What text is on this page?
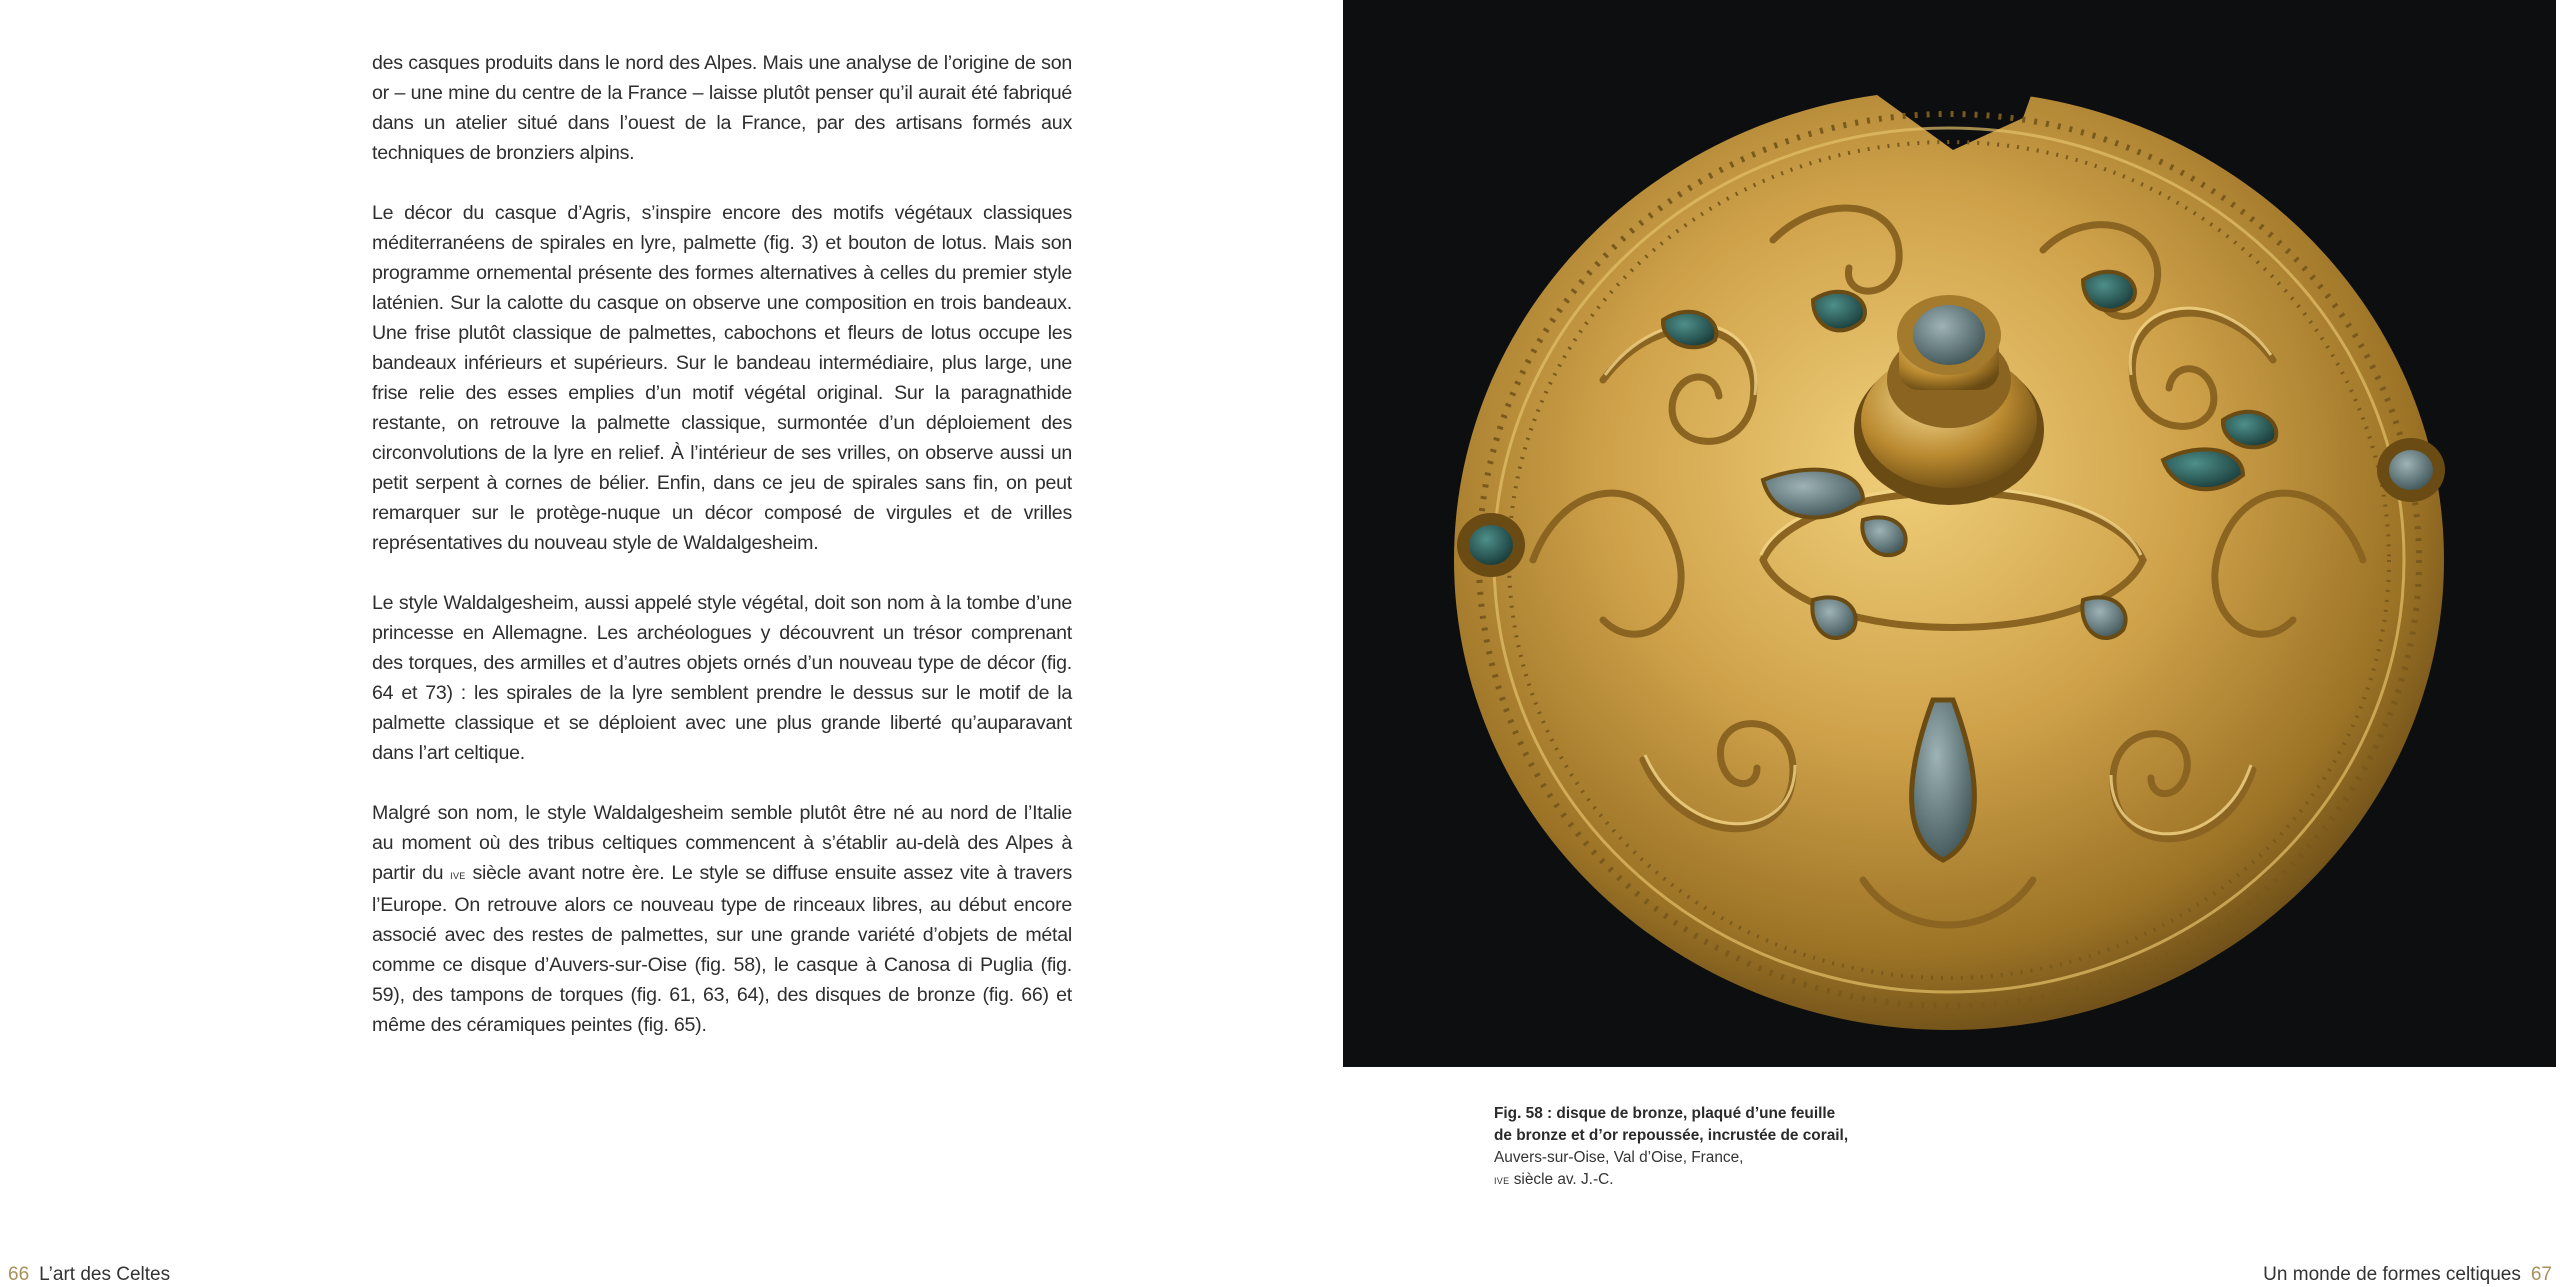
des casques produits dans le nord des Alpes. Mais une analyse de l’origine de son or – une mine du centre de la France – laisse plutôt penser qu’il aurait été fabriqué dans un atelier situé dans l’ouest de la France, par des artisans formés aux techniques de bronziers alpins.

Le décor du casque d’Agris, s’inspire encore des motifs végétaux classiques méditerranéens de spirales en lyre, palmette (fig. 3) et bouton de lotus. Mais son programme ornemental présente des formes alternatives à celles du premier style laténien. Sur la calotte du casque on observe une composition en trois bandeaux. Une frise plutôt classique de palmettes, cabochons et fleurs de lotus occupe les bandeaux inférieurs et supérieurs. Sur le bandeau intermédiaire, plus large, une frise relie des esses emplies d’un motif végétal original. Sur la paragnathide restante, on retrouve la palmette classique, surmontée d’un déploiement des circonvolutions de la lyre en relief. À l’intérieur de ses vrilles, on observe aussi un petit serpent à cornes de bélier. Enfin, dans ce jeu de spirales sans fin, on peut remarquer sur le protège-nuque un décor composé de virgules et de vrilles représentatives du nouveau style de Waldalgesheim.

Le style Waldalgesheim, aussi appelé style végétal, doit son nom à la tombe d’une princesse en Allemagne. Les archéologues y découvrent un trésor comprenant des torques, des armilles et d’autres objets ornés d’un nouveau type de décor (fig. 64 et 73) : les spirales de la lyre semblent prendre le dessus sur le motif de la palmette classique et se déploient avec une plus grande liberté qu’auparavant dans l’art celtique.

Malgré son nom, le style Waldalgesheim semble plutôt être né au nord de l’Italie au moment où des tribus celtiques commencent à s’établir au-delà des Alpes à partir du ive siècle avant notre ère. Le style se diffuse ensuite assez vite à travers l’Europe. On retrouve alors ce nouveau type de rinceaux libres, au début encore associé avec des restes de palmettes, sur une grande variété d’objets de métal comme ce disque d’Auvers-sur-Oise (fig. 58), le casque à Canosa di Puglia (fig. 59), des tampons de torques (fig. 61, 63, 64), des disques de bronze (fig. 66) et même des céramiques peintes (fig. 65).

Fig. 58 : disque de bronze, plaqué d’une feuille
de bronze et d’or repoussée, incrustée de corail,
Auvers-sur-Oise, Val d’Oise, France,
ive siècle av. J.-C.
66 L’art des Celtes	Un monde de formes celtiques 67
